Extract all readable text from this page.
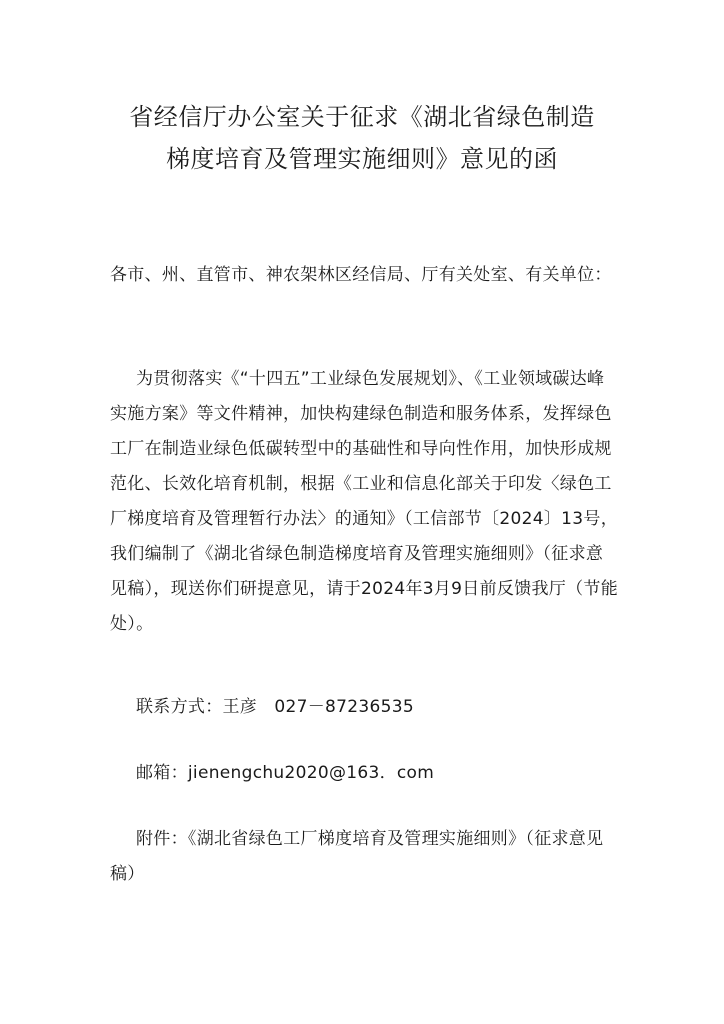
省经信厅办公室关于征求《湖北省绿色制造
梯度培育及管理实施细则》意见的函

各市、州、直管市、神农架林区经信局、厅有关处室、有关单位：

为贯彻落实《“十四五”工业绿色发展规划》、《工业领域碳达峰实施方案》等文件精神，加快构建绿色制造和服务体系，发挥绿色工厂在制造业绿色低碳转型中的基础性和导向性作用，加快形成规范化、长效化培育机制，根据《工业和信息化部关于印发〈绿色工厂梯度培育及管理暂行办法〉的通知》（工信部节〔2024〕13号，我们编制了《湖北省绿色制造梯度培育及管理实施细则》（征求意见稿），现送你们研提意见，请于2024年3月9日前反馈我厅（节能处）。

联系方式：王彦　027－87236535

邮箱：jienengchu2020@163．com

附件：《湖北省绿色工厂梯度培育及管理实施细则》（征求意见稿）
